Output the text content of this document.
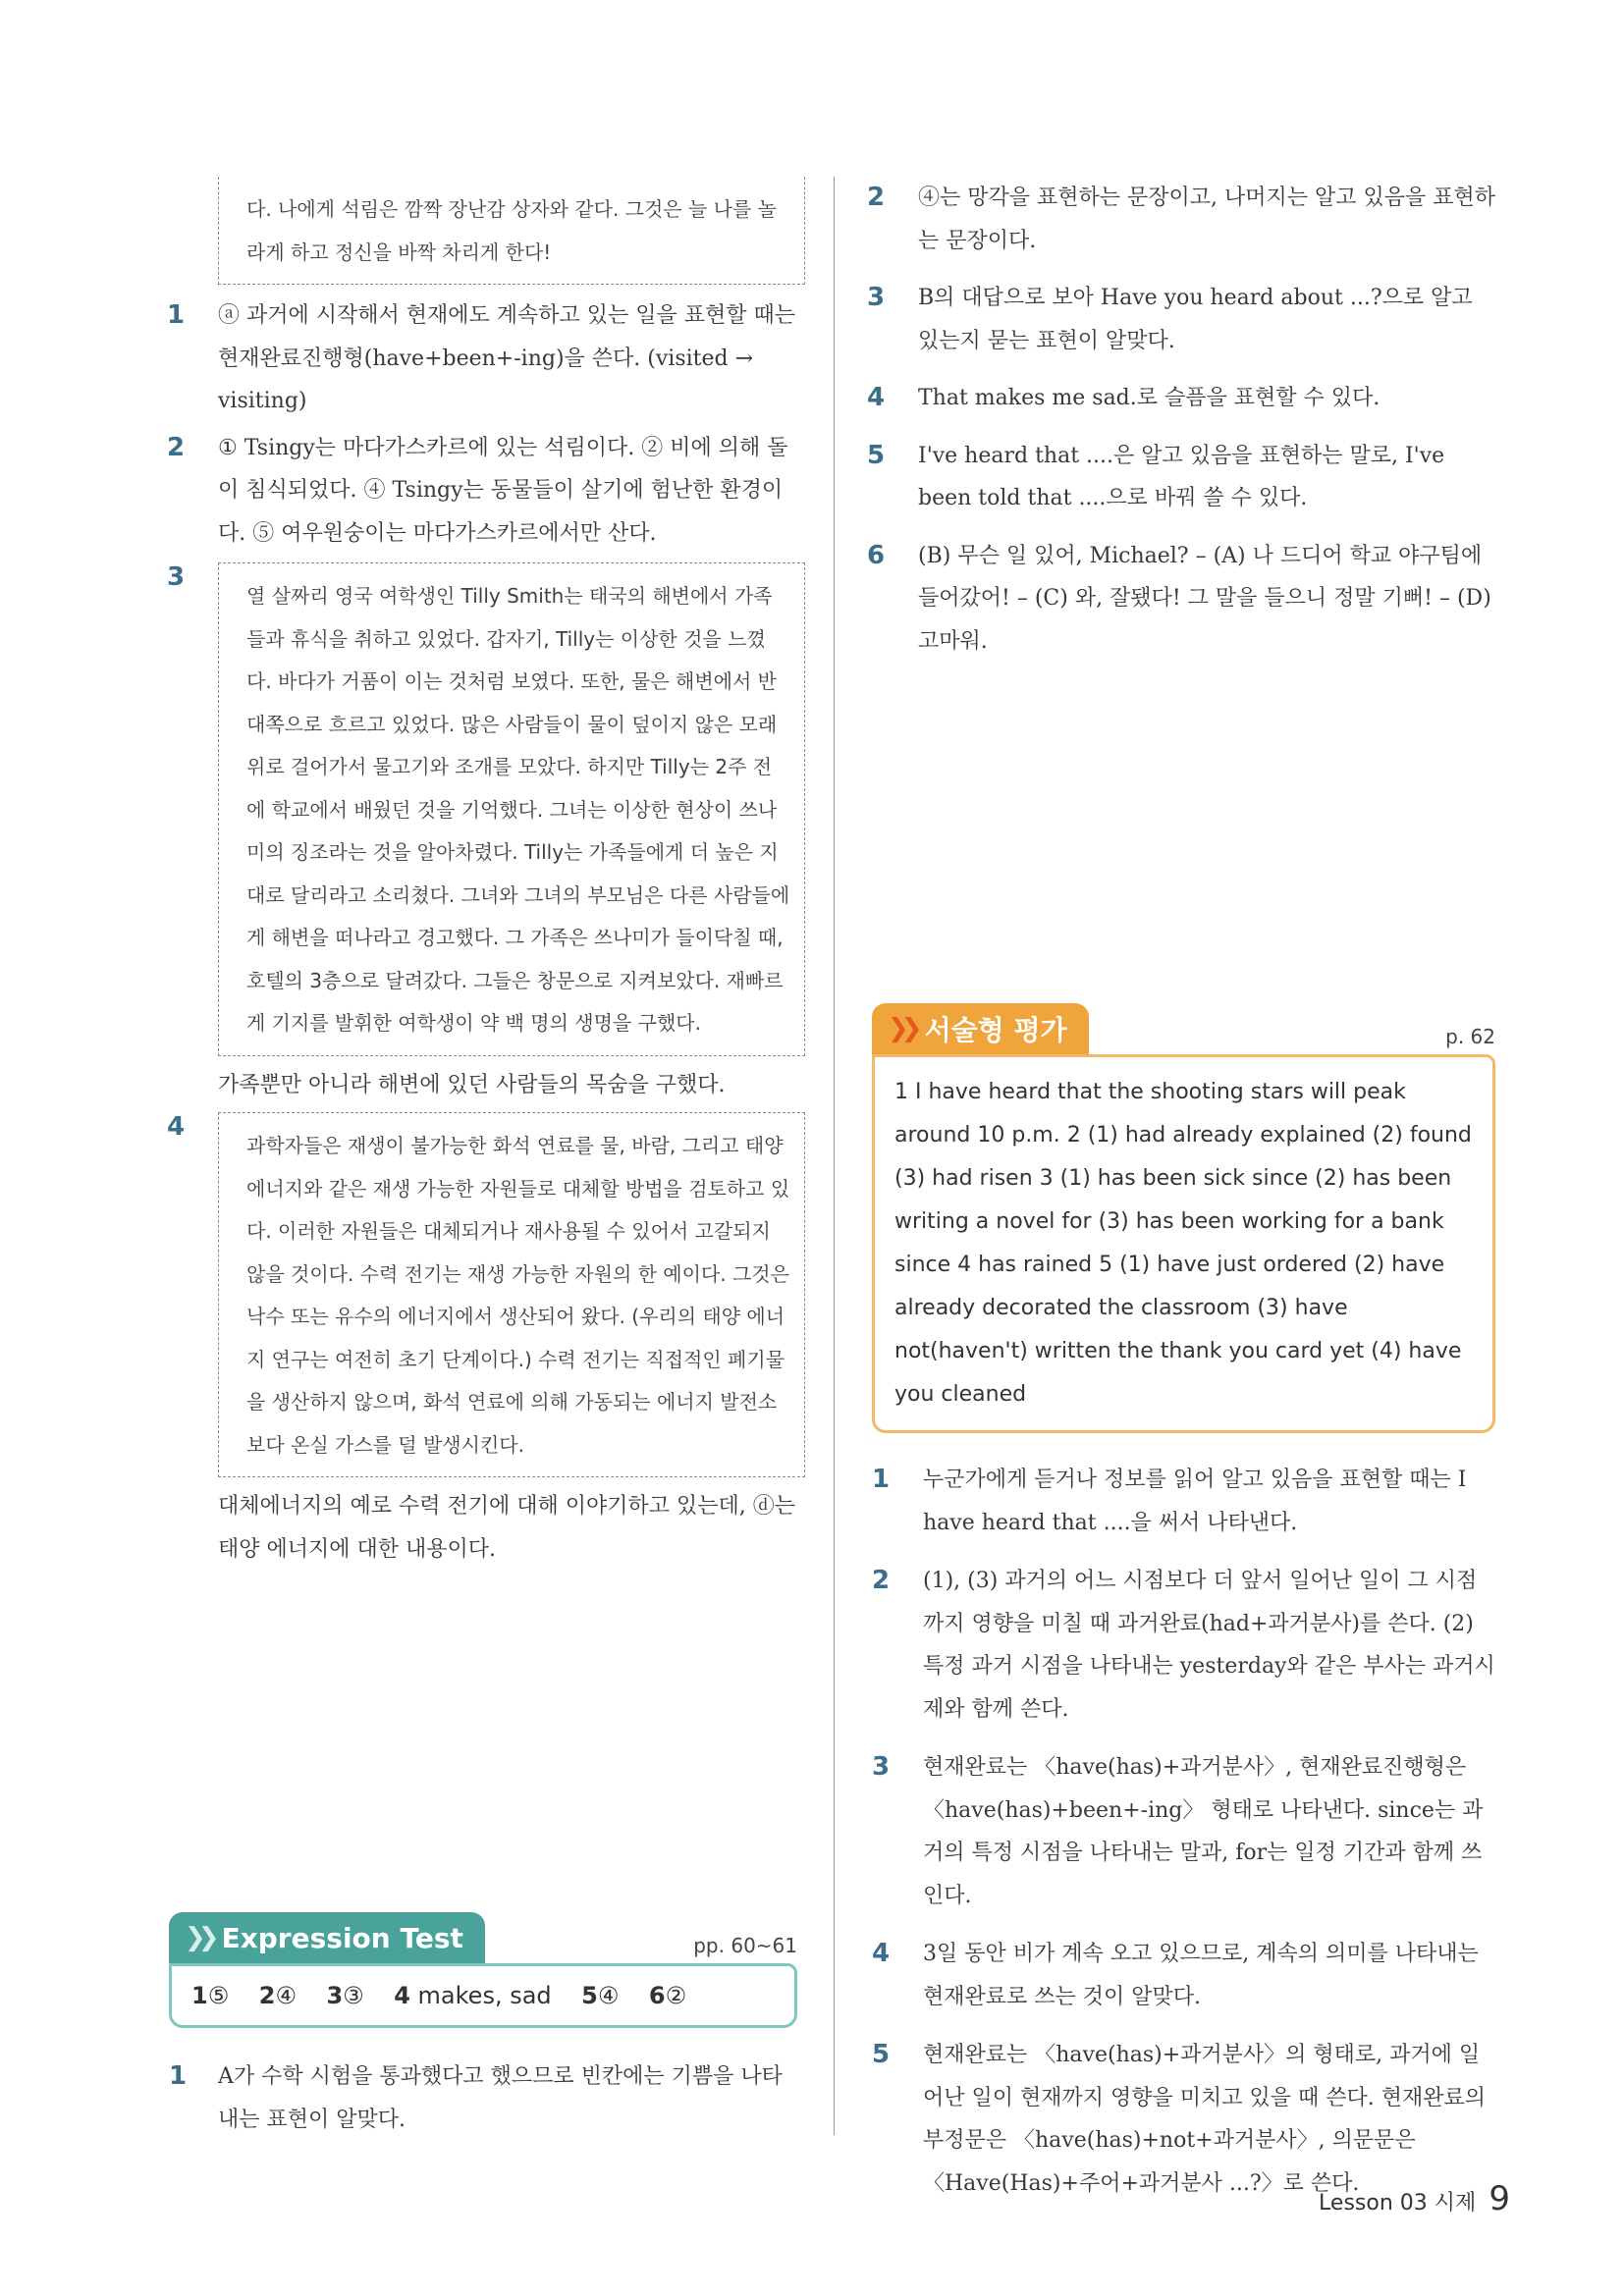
다. 나에게 석림은 깜짝 장난감 상자와 같다. 그것은 늘 나를 놀라게 하고 정신을 바짝 차리게 한다!
1 ⓐ 과거에 시작해서 현재에도 계속하고 있는 일을 표현할 때는 현재완료진행형(have+been+-ing)을 쓴다. (visited → visiting)
2 ① Tsingy는 마다가스카르에 있는 석림이다. ② 비에 의해 돌이 침식되었다. ④ Tsingy는 동물들이 살기에 험난한 환경이다. ⑤ 여우원숭이는 마다가스카르에서만 산다.
3
열 살짜리 영국 여학생인 Tilly Smith는 태국의 해변에서 가족들과 휴식을 취하고 있었다. 갑자기, Tilly는 이상한 것을 느꼈다. 바다가 거품이 이는 것처럼 보였다. 또한, 물은 해변에서 반대쪽으로 흐르고 있었다. 많은 사람들이 물이 덮이지 않은 모래 위로 걸어가서 물고기와 조개를 모았다. 하지만 Tilly는 2주 전에 학교에서 배웠던 것을 기억했다. 그녀는 이상한 현상이 쓰나미의 징조라는 것을 알아차렸다. Tilly는 가족들에게 더 높은 지대로 달리라고 소리쳤다. 그녀와 그녀의 부모님은 다른 사람들에게 해변을 떠나라고 경고했다. 그 가족은 쓰나미가 들이닥칠 때, 호텔의 3층으로 달려갔다. 그들은 창문으로 지켜보았다. 재빠르게 기지를 발휘한 여학생이 약 백 명의 생명을 구했다.
가족뿐만 아니라 해변에 있던 사람들의 목숨을 구했다.
4
과학자들은 재생이 불가능한 화석 연료를 물, 바람, 그리고 태양 에너지와 같은 재생 가능한 자원들로 대체할 방법을 검토하고 있다. 이러한 자원들은 대체되거나 재사용될 수 있어서 고갈되지 않을 것이다. 수력 전기는 재생 가능한 자원의 한 예이다. 그것은 낙수 또는 유수의 에너지에서 생산되어 왔다. (우리의 태양 에너지 연구는 여전히 초기 단계이다.) 수력 전기는 직접적인 폐기물을 생산하지 않으며, 화석 연료에 의해 가동되는 에너지 발전소보다 온실 가스를 덜 발생시킨다.
대체에너지의 예로 수력 전기에 대해 이야기하고 있는데, ⓓ는 태양 에너지에 대한 내용이다.
❯❯ Expression Test	pp. 60~61
1⑤ 2④ 3③ 4 makes, sad 5④ 6②
1 A가 수학 시험을 통과했다고 했으므로 빈칸에는 기쁨을 나타내는 표현이 알맞다.
2 ④는 망각을 표현하는 문장이고, 나머지는 알고 있음을 표현하는 문장이다.
3 B의 대답으로 보아 Have you heard about ...?으로 알고 있는지 묻는 표현이 알맞다.
4 That makes me sad.로 슬픔을 표현할 수 있다.
5 I've heard that ....은 알고 있음을 표현하는 말로, I've been told that ....으로 바꿔 쓸 수 있다.
6 (B) 무슨 일 있어, Michael? – (A) 나 드디어 학교 야구팀에 들어갔어! – (C) 와, 잘됐다! 그 말을 들으니 정말 기뻐! – (D) 고마워.
❯❯ 서술형 평가	p. 62
1 I have heard that the shooting stars will peak around 10 p.m. 2 (1) had already explained (2) found (3) had risen 3 (1) has been sick since (2) has been writing a novel for (3) has been working for a bank since 4 has rained 5 (1) have just ordered (2) have already decorated the classroom (3) have not(haven't) written the thank you card yet (4) have you cleaned
1 누군가에게 듣거나 정보를 읽어 알고 있음을 표현할 때는 I have heard that ....을 써서 나타낸다.
2 (1), (3) 과거의 어느 시점보다 더 앞서 일어난 일이 그 시점까지 영향을 미칠 때 과거완료(had+과거분사)를 쓴다. (2) 특정 과거 시점을 나타내는 yesterday와 같은 부사는 과거시제와 함께 쓴다.
3 현재완료는 〈have(has)+과거분사〉, 현재완료진행형은 〈have(has)+been+-ing〉 형태로 나타낸다. since는 과거의 특정 시점을 나타내는 말과, for는 일정 기간과 함께 쓰인다.
4 3일 동안 비가 계속 오고 있으므로, 계속의 의미를 나타내는 현재완료로 쓰는 것이 알맞다.
5 현재완료는 〈have(has)+과거분사〉의 형태로, 과거에 일어난 일이 현재까지 영향을 미치고 있을 때 쓴다. 현재완료의 부정문은 〈have(has)+not+과거분사〉, 의문문은 〈Have(Has)+주어+과거분사 ...?〉로 쓴다.
Lesson 03 시제 9
